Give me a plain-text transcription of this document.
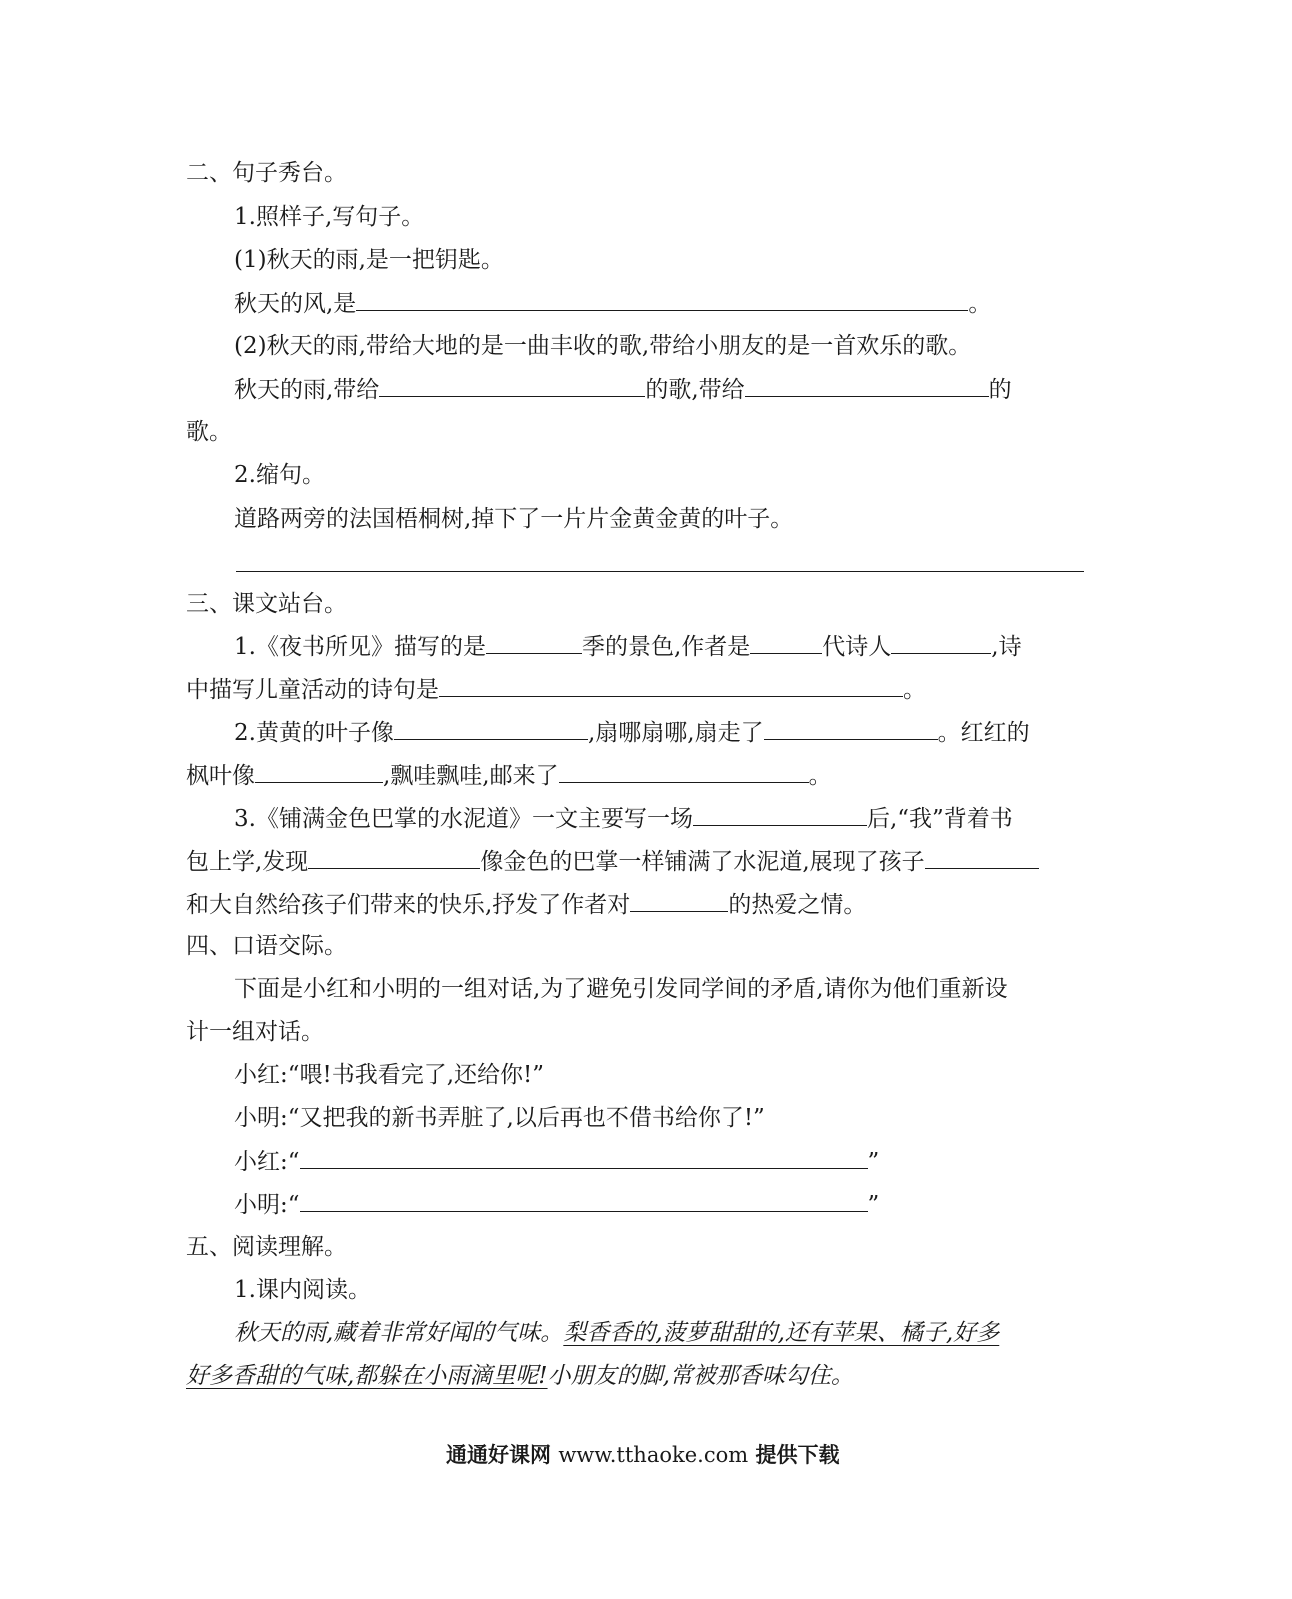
二、句子秀台。
1.照样子,写句子。
(1)秋天的雨,是一把钥匙。
秋天的风,是	。
(2)秋天的雨,带给大地的是一曲丰收的歌,带给小朋友的是一首欢乐的歌。
秋天的雨,带给	的歌,带给	的
歌。
2.缩句。
道路两旁的法国梧桐树,掉下了一片片金黄金黄的叶子。
三、课文站台。
1.《夜书所见》描写的是	季的景色,作者是	代诗人	,诗
中描写儿童活动的诗句是	。
2.黄黄的叶子像	,扇哪扇哪,扇走了	。红红的
枫叶像	,飘哇飘哇,邮来了	。
3.《铺满金色巴掌的水泥道》一文主要写一场	后,“我”背着书
包上学,发现	像金色的巴掌一样铺满了水泥道,展现了孩子
和大自然给孩子们带来的快乐,抒发了作者对	的热爱之情。
四、口语交际。
下面是小红和小明的一组对话,为了避免引发同学间的矛盾,请你为他们重新设
计一组对话。
小红:“喂!书我看完了,还给你!”
小明:“又把我的新书弄脏了,以后再也不借书给你了!”
小红:“	”
小明:“	”
五、阅读理解。
1.课内阅读。
秋天的雨,藏着非常好闻的气味。梨香香的,菠萝甜甜的,还有苹果、橘子,好多
好多香甜的气味,都躲在小雨滴里呢!小朋友的脚,常被那香味勾住。
通通好课网 www.tthaoke.com 提供下载
